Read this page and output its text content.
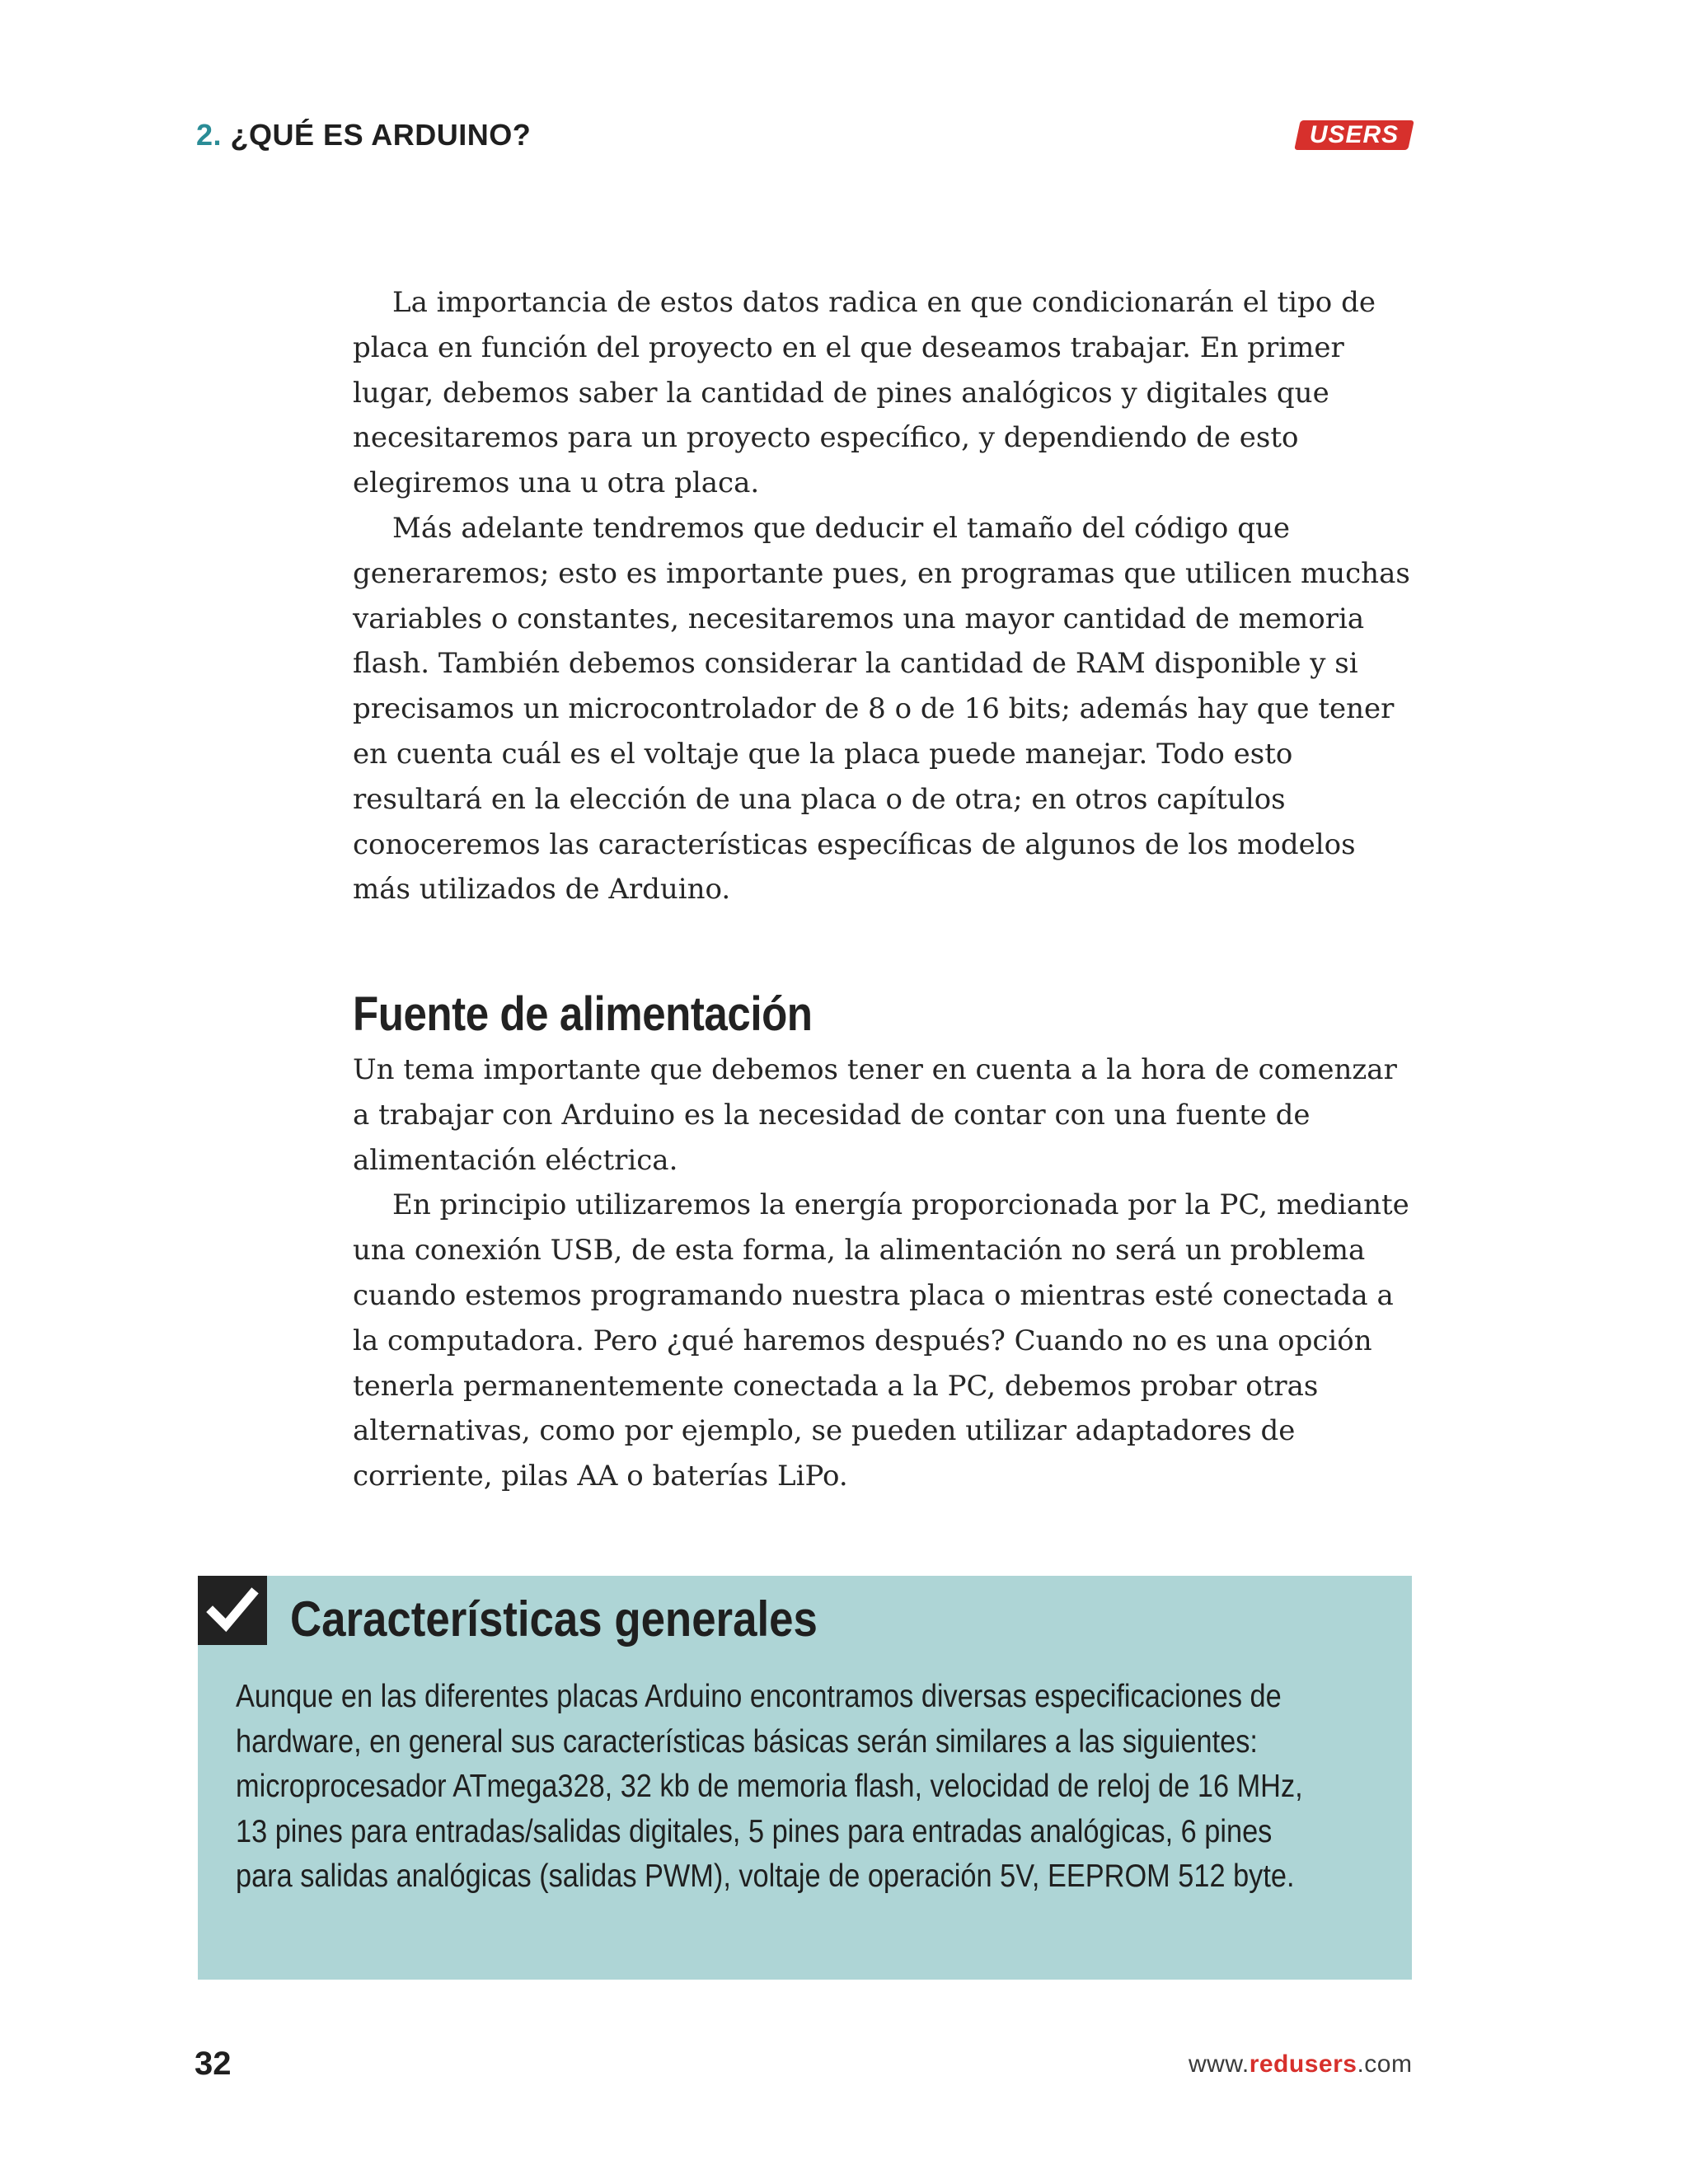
2. ¿QUÉ ES ARDUINO?	USERS

La importancia de estos datos radica en que condicionarán el tipo de placa en función del proyecto en el que deseamos trabajar. En primer lugar, debemos saber la cantidad de pines analógicos y digitales que necesitaremos para un proyecto específico, y dependiendo de esto elegiremos una u otra placa.

Más adelante tendremos que deducir el tamaño del código que generaremos; esto es importante pues, en programas que utilicen muchas variables o constantes, necesitaremos una mayor cantidad de memoria flash. También debemos considerar la cantidad de RAM disponible y si precisamos un microcontrolador de 8 o de 16 bits; además hay que tener en cuenta cuál es el voltaje que la placa puede manejar. Todo esto resultará en la elección de una placa o de otra; en otros capítulos conoceremos las características específicas de algunos de los modelos más utilizados de Arduino.

Fuente de alimentación

Un tema importante que debemos tener en cuenta a la hora de comenzar a trabajar con Arduino es la necesidad de contar con una fuente de alimentación eléctrica.

En principio utilizaremos la energía proporcionada por la PC, mediante una conexión USB, de esta forma, la alimentación no será un problema cuando estemos programando nuestra placa o mientras esté conectada a la computadora. Pero ¿qué haremos después? Cuando no es una opción tenerla permanentemente conectada a la PC, debemos probar otras alternativas, como por ejemplo, se pueden utilizar adaptadores de corriente, pilas AA o baterías LiPo.

Características generales

Aunque en las diferentes placas Arduino encontramos diversas especificaciones de hardware, en general sus características básicas serán similares a las siguientes: microprocesador ATmega328, 32 kb de memoria flash, velocidad de reloj de 16 MHz, 13 pines para entradas/salidas digitales, 5 pines para entradas analógicas, 6 pines para salidas analógicas (salidas PWM), voltaje de operación 5V, EEPROM 512 byte.

32	www.redusers.com
